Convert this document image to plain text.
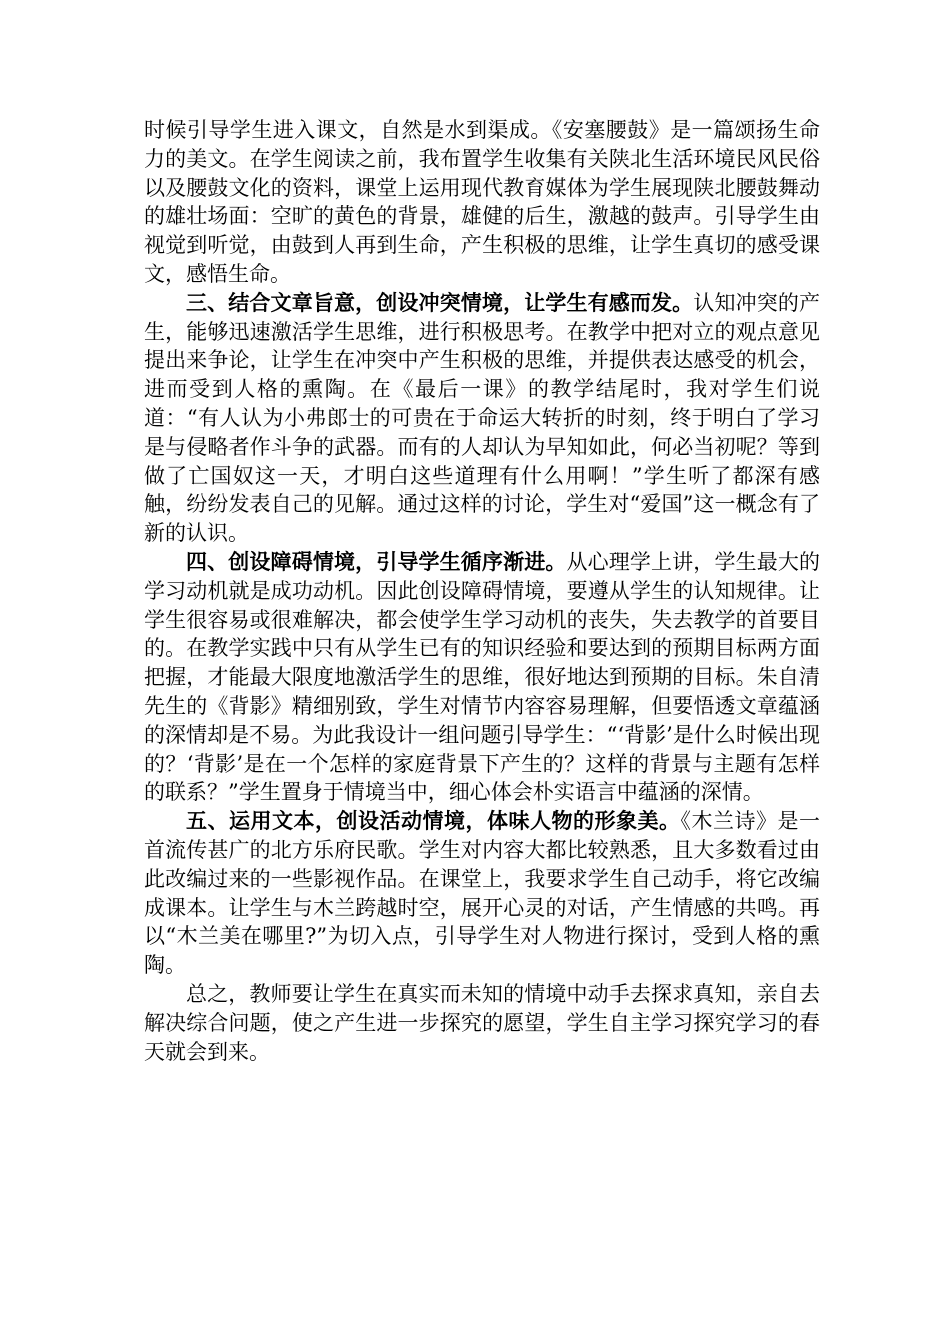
时候引导学生进入课文，自然是水到渠成。《安塞腰鼓》是一篇颂扬生命力的美文。在学生阅读之前，我布置学生收集有关陕北生活环境民风民俗以及腰鼓文化的资料，课堂上运用现代教育媒体为学生展现陕北腰鼓舞动的雄壮场面：空旷的黄色的背景，雄健的后生，激越的鼓声。引导学生由视觉到听觉，由鼓到人再到生命，产生积极的思维，让学生真切的感受课文，感悟生命。

三、结合文章旨意，创设冲突情境，让学生有感而发。认知冲突的产生，能够迅速激活学生思维，进行积极思考。在教学中把对立的观点意见提出来争论，让学生在冲突中产生积极的思维，并提供表达感受的机会，进而受到人格的熏陶。在《最后一课》的教学结尾时，我对学生们说道：“有人认为小弗郎士的可贵在于命运大转折的时刻，终于明白了学习是与侵略者作斗争的武器。而有的人却认为早知如此，何必当初呢？等到做了亡国奴这一天，才明白这些道理有什么用啊！”学生听了都深有感触，纷纷发表自己的见解。通过这样的讨论，学生对“爱国”这一概念有了新的认识。

四、创设障碍情境，引导学生循序渐进。从心理学上讲，学生最大的学习动机就是成功动机。因此创设障碍情境，要遵从学生的认知规律。让学生很容易或很难解决，都会使学生学习动机的丧失，失去教学的首要目的。在教学实践中只有从学生已有的知识经验和要达到的预期目标两方面把握，才能最大限度地激活学生的思维，很好地达到预期的目标。朱自清先生的《背影》精细别致，学生对情节内容容易理解，但要悟透文章蕴涵的深情却是不易。为此我设计一组问题引导学生：“‘背影’是什么时候出现的？‘背影’是在一个怎样的家庭背景下产生的？这样的背景与主题有怎样的联系？”学生置身于情境当中，细心体会朴实语言中蕴涵的深情。

五、运用文本，创设活动情境，体味人物的形象美。《木兰诗》是一首流传甚广的北方乐府民歌。学生对内容大都比较熟悉，且大多数看过由此改编过来的一些影视作品。在课堂上，我要求学生自己动手，将它改编成课本。让学生与木兰跨越时空，展开心灵的对话，产生情感的共鸣。再以“木兰美在哪里?”为切入点，引导学生对人物进行探讨，受到人格的熏陶。

总之，教师要让学生在真实而未知的情境中动手去探求真知，亲自去解决综合问题，使之产生进一步探究的愿望，学生自主学习探究学习的春天就会到来。
